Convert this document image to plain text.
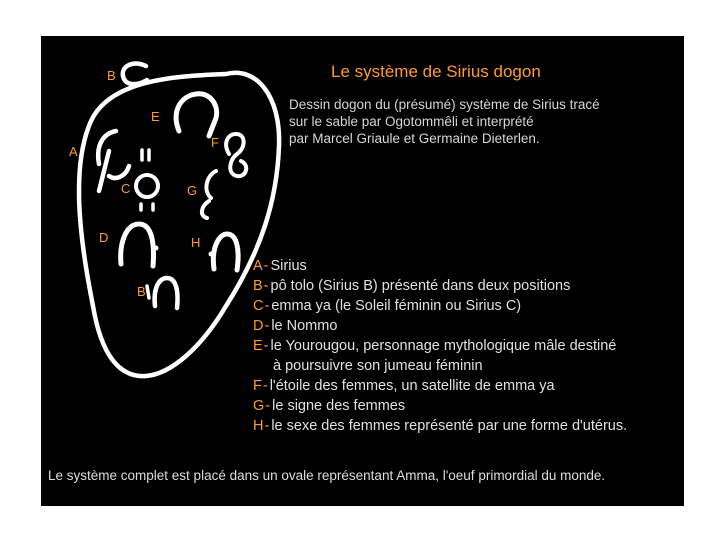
B
E
A
F
C	G
D	H
B
Le système de Sirius dogon
Dessin dogon du (présumé) système de Sirius tracé
sur le sable par Ogotommêli et interprété
par Marcel Griaule et Germaine Dieterlen.
A- Sirius
B- pô tolo (Sirius B) présenté dans deux positions
C- emma ya (le Soleil féminin ou Sirius C)
D- le Nommo
E- le Yourougou, personnage mythologique mâle destiné
à poursuivre son jumeau féminin
F- l'étoile des femmes, un satellite de emma ya
G- le signe des femmes
H- le sexe des femmes représenté par une forme d'utérus.
Le système complet est placé dans un ovale représentant Amma, l'oeuf primordial du monde.
